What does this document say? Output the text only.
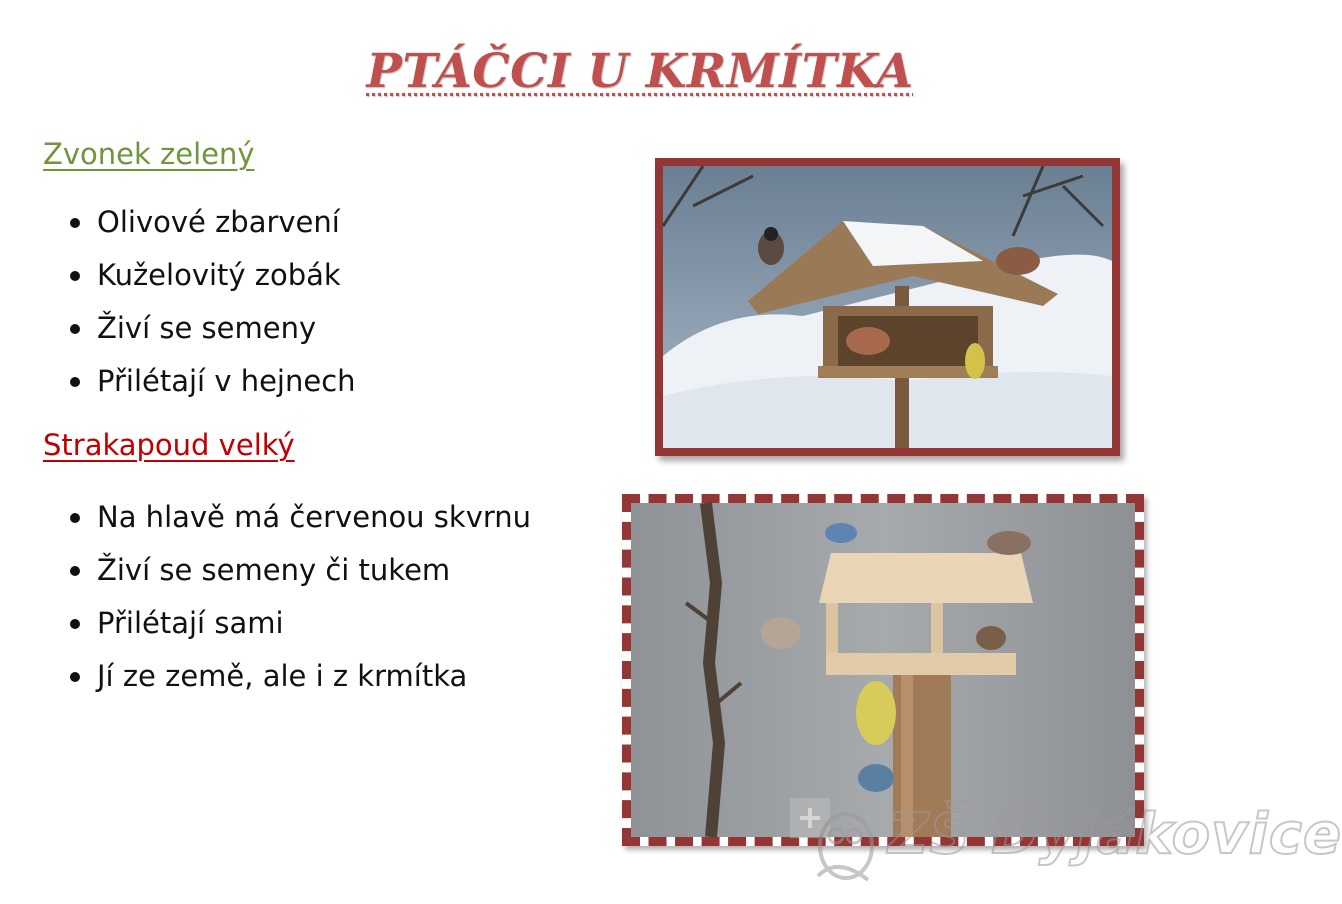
PTÁČCI U KRMÍTKA
Zvonek zelený
Olivové zbarvení
Kuželovitý zobák
Živí se semeny
Přilétají v hejnech
Strakapoud velký
Na hlavě má červenou skvrnu
Živí se semeny či tukem
Přilétají sami
Jí ze země, ale i z krmítka
ZŠ Dyjákovice
